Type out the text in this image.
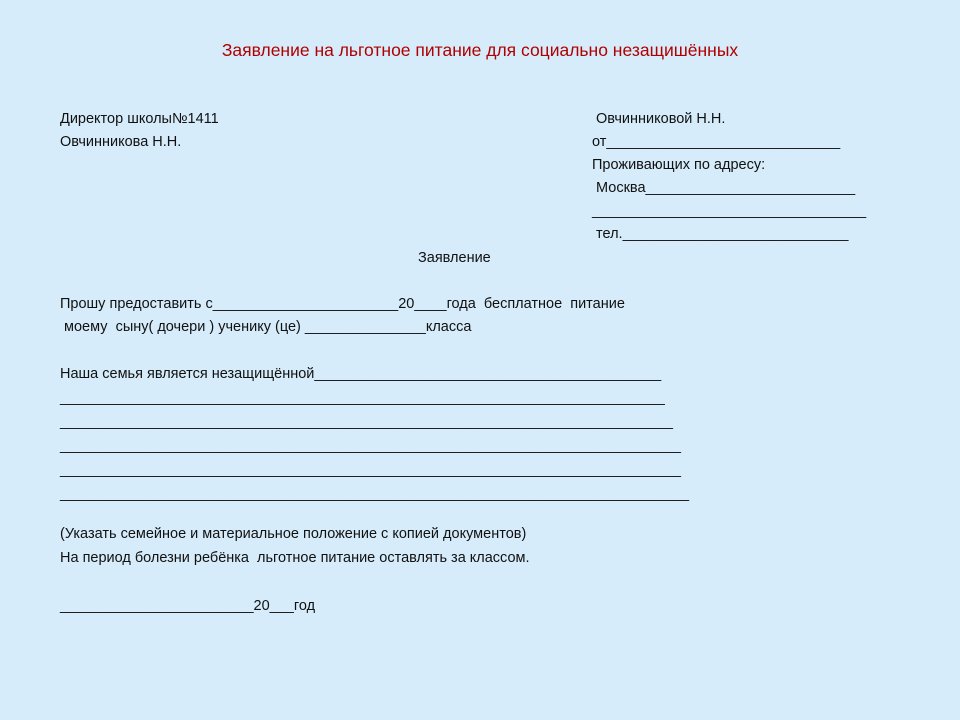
Заявление на льготное питание для социально незащишённых
Директор школы№1411
Овчинникова Н.Н.
Овчинниковой Н.Н.
от_____________________________
Проживающих по адресу:
Москва__________________________
__________________________________
тел.____________________________
Заявление
Прошу предоставить с_______________________20____года  бесплатное  питание
моему  сыну( дочери ) ученику (це) _______________класса
Наша семья является незащищённой___________________________________________
___________________________________________________________________________
____________________________________________________________________________
_____________________________________________________________________________
_____________________________________________________________________________
______________________________________________________________________________
(Указать семейное и материальное положение с копией документов)
На период болезни ребёнка  льготное питание оставлять за классом.
________________________20___год
